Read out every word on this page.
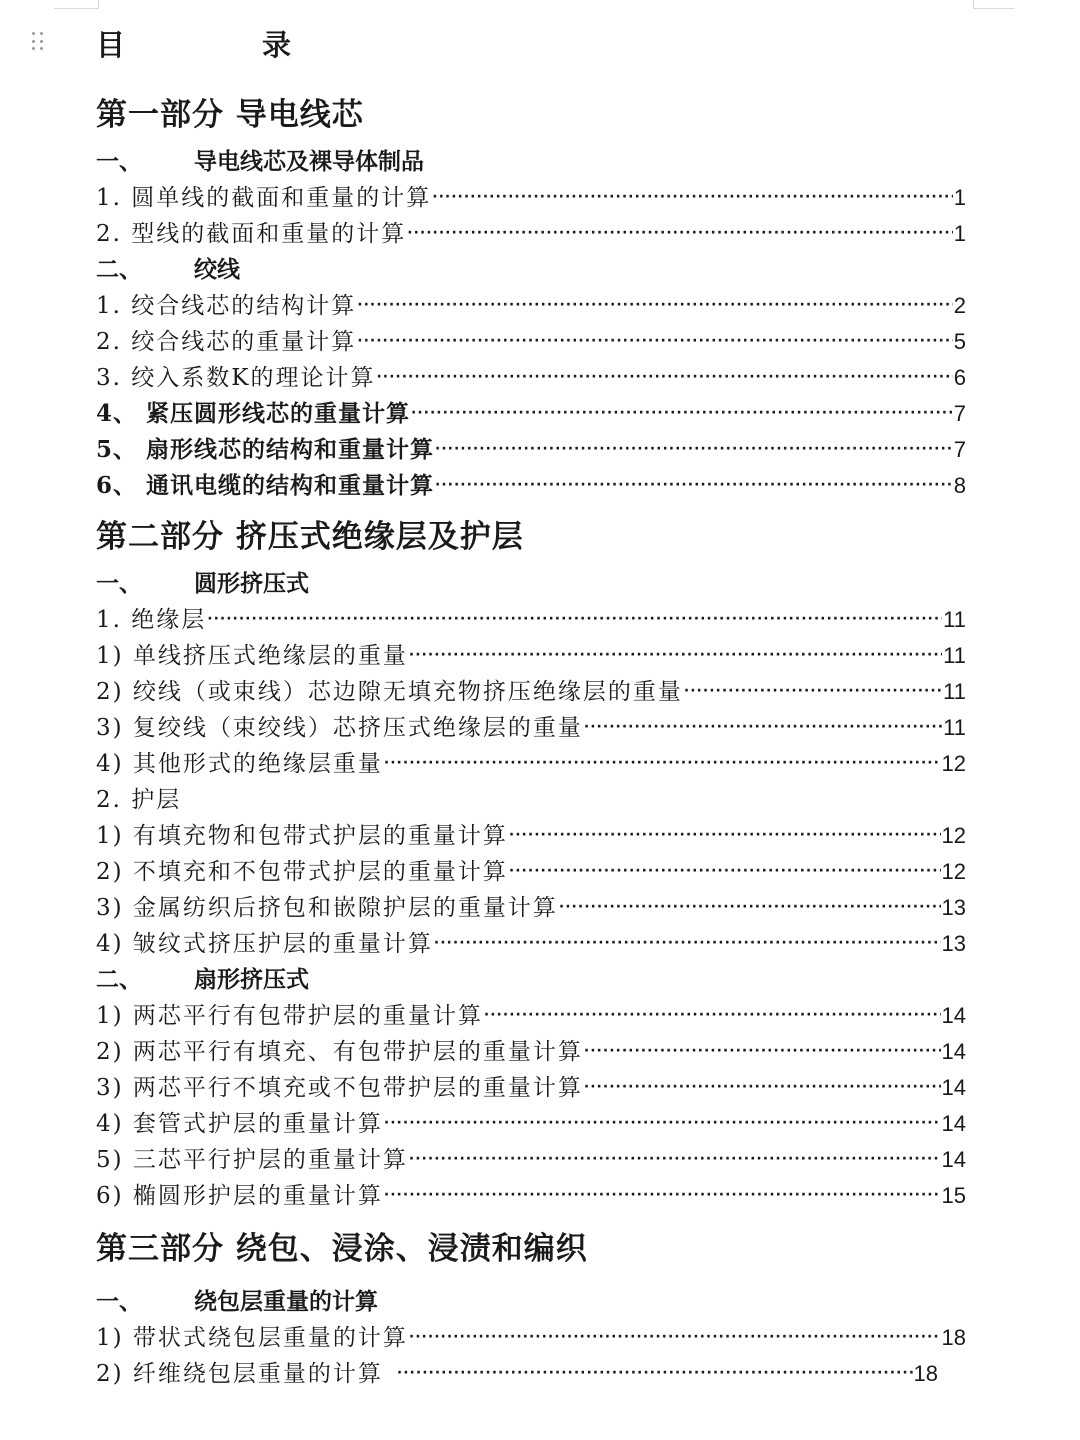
目	录
第一部分 导电线芯
一、	导电线芯及裸导体制品
1. 圆单线的截面和重量的计算 ·····	1
2. 型线的截面和重量的计算 ·····	1
二、	绞线
1. 绞合线芯的结构计算 ·····	2
2. 绞合线芯的重量计算 ·····	5
3. 绞入系数K的理论计算 ·····	6
4、 紧压圆形线芯的重量计算 ·····	7
5、 扇形线芯的结构和重量计算 ·····	7
6、 通讯电缆的结构和重量计算 ·····	8
第二部分 挤压式绝缘层及护层
一、	圆形挤压式
1. 绝缘层 ·····	11
1) 单线挤压式绝缘层的重量 ·····	11
2) 绞线（或束线）芯边隙无填充物挤压绝缘层的重量 ·····	11
3) 复绞线（束绞线）芯挤压式绝缘层的重量 ·····	11
4) 其他形式的绝缘层重量 ·····	12
2. 护层
1) 有填充物和包带式护层的重量计算 ·····	12
2) 不填充和不包带式护层的重量计算 ·····	12
3) 金属纺织后挤包和嵌隙护层的重量计算 ·····	13
4) 皱纹式挤压护层的重量计算 ·····	13
二、	扇形挤压式
1) 两芯平行有包带护层的重量计算 ·····	14
2) 两芯平行有填充、有包带护层的重量计算 ·····	14
3) 两芯平行不填充或不包带护层的重量计算 ·····	14
4) 套管式护层的重量计算 ·····	14
5) 三芯平行护层的重量计算 ·····	14
6) 椭圆形护层的重量计算 ·····	15
第三部分 绕包、浸涂、浸渍和编织
一、	绕包层重量的计算
1) 带状式绕包层重量的计算 ·····	18
2) 纤维绕包层重量的计算 ·····	18
